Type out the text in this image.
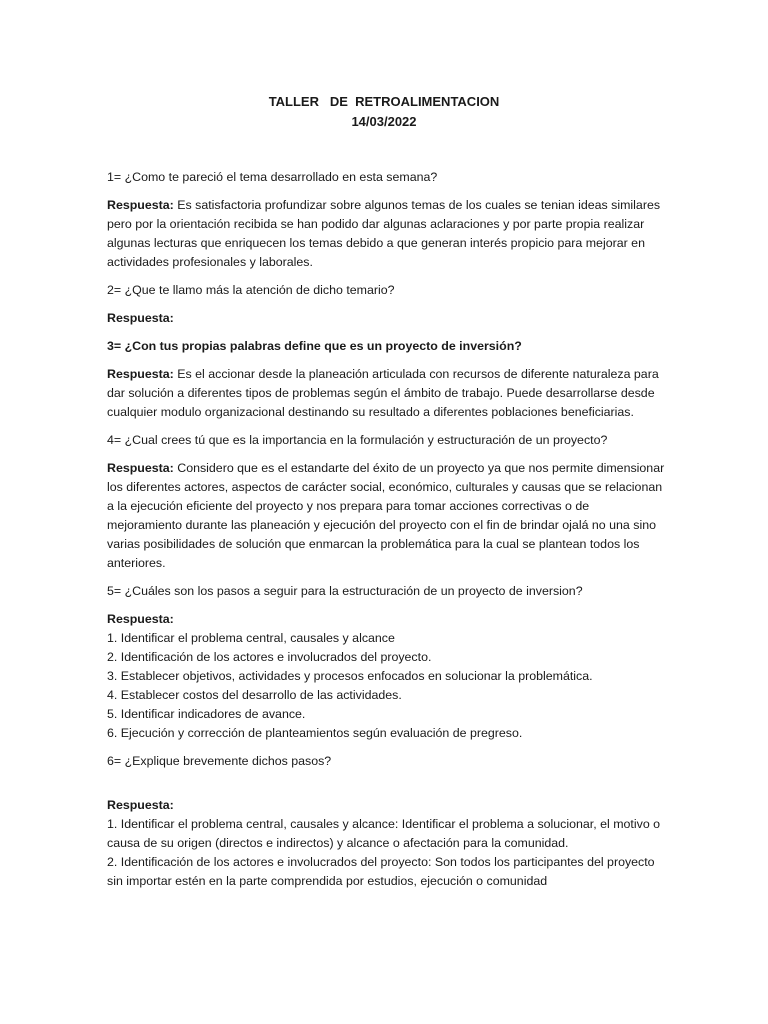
TALLER   DE  RETROALIMENTACION
14/03/2022

1= ¿Como te pareció el tema desarrollado en esta semana?

Respuesta: Es satisfactoria profundizar sobre algunos temas de los cuales se tenian ideas similares pero por la orientación recibida se han podido dar algunas aclaraciones y por parte propia realizar algunas lecturas que enriquecen los temas debido a que generan interés propicio para mejorar en actividades profesionales y laborales.

2= ¿Que te llamo más la atención de dicho temario?

Respuesta:

3= ¿Con tus propias palabras define que es un proyecto de inversión?

Respuesta: Es el accionar desde la planeación articulada con recursos de diferente naturaleza para dar solución a diferentes tipos de problemas según el ámbito de trabajo. Puede desarrollarse desde cualquier modulo organizacional destinando su resultado a diferentes poblaciones beneficiarias.

4= ¿Cual crees tú que es la importancia en la formulación y estructuración de un proyecto?

Respuesta: Considero que es el estandarte del éxito de un proyecto ya que nos permite dimensionar los diferentes actores, aspectos de carácter social, económico, culturales y causas que se relacionan a la ejecución eficiente del proyecto y nos prepara para tomar acciones correctivas o de mejoramiento durante las planeación y ejecución del proyecto con el fin de brindar ojalá no una sino varias posibilidades de solución que enmarcan la problemática para la cual se plantean todos los anteriores.

5= ¿Cuáles son los pasos a seguir para la estructuración de un proyecto de inversion?

Respuesta:
1. Identificar el problema central, causales y alcance
2. Identificación de los actores e involucrados del proyecto.
3. Establecer objetivos, actividades y procesos enfocados en solucionar la problemática.
4. Establecer costos del desarrollo de las actividades.
5. Identificar indicadores de avance.
6. Ejecución y corrección de planteamientos según evaluación de pregreso.

6= ¿Explique brevemente dichos pasos?

Respuesta:
1. Identificar el problema central, causales y alcance: Identificar el problema a solucionar, el motivo o causa de su origen (directos e indirectos) y alcance o afectación para la comunidad.
2. Identificación de los actores e involucrados del proyecto: Son todos los participantes del proyecto sin importar estén en la parte comprendida por estudios, ejecución o comunidad
